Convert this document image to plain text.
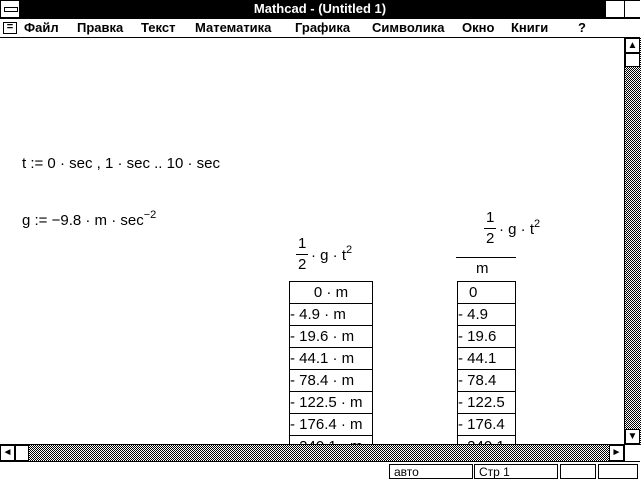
Mathcad - (Untitled 1)	▼ ▲
= Файл Правка Текст Математика Графика Символика Окно Книги ?
t := 0 · sec , 1 · sec .. 10 · sec
g := $-9.8 \cdot m \cdot \sec^{-2}$
1
2
· $g \cdot t^2$
0 · m
- 4.9 · m
- 19.6 · m
- 44.1 · m
- 78.4 · m
- 122.5 · m
- 176.4 · m
1
2
· $g \cdot t^2$
m
0
- 4.9
- 19.6
- 44.1
- 78.4
- 122.5
- 176.4
▲
▼
◄	►
авто	Стр 1
